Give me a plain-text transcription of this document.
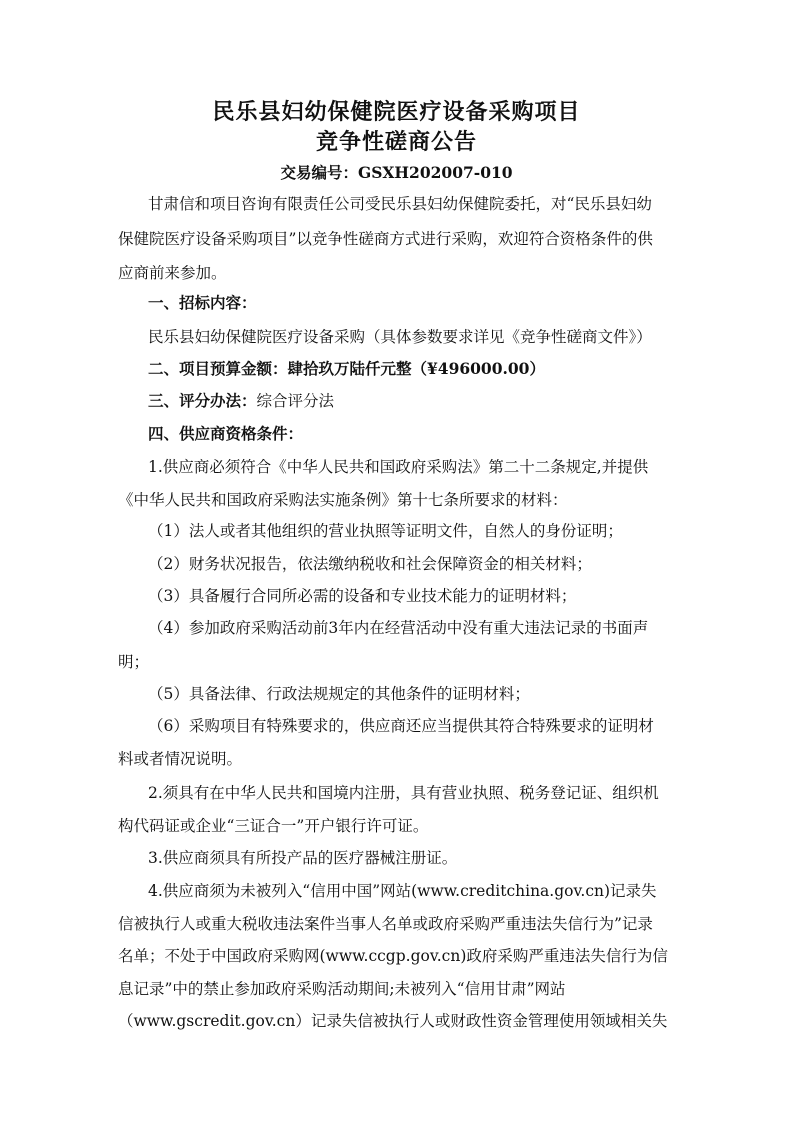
民乐县妇幼保健院医疗设备采购项目
竞争性磋商公告
交易编号：GSXH202007-010
甘肃信和项目咨询有限责任公司受民乐县妇幼保健院委托，对“民乐县妇幼
保健院医疗设备采购项目”以竞争性磋商方式进行采购，欢迎符合资格条件的供
应商前来参加。
一、招标内容：
民乐县妇幼保健院医疗设备采购（具体参数要求详见《竞争性磋商文件》）
二、项目预算金额：肆拾玖万陆仟元整（¥496000.00）
三、评分办法：综合评分法
四、供应商资格条件：
1.供应商必须符合《中华人民共和国政府采购法》第二十二条规定,并提供
《中华人民共和国政府采购法实施条例》第十七条所要求的材料：
（1）法人或者其他组织的营业执照等证明文件，自然人的身份证明；
（2）财务状况报告，依法缴纳税收和社会保障资金的相关材料；
（3）具备履行合同所必需的设备和专业技术能力的证明材料；
（4）参加政府采购活动前3年内在经营活动中没有重大违法记录的书面声
明；
（5）具备法律、行政法规规定的其他条件的证明材料；
（6）采购项目有特殊要求的，供应商还应当提供其符合特殊要求的证明材
料或者情况说明。
2.须具有在中华人民共和国境内注册，具有营业执照、税务登记证、组织机
构代码证或企业“三证合一”开户银行许可证。
3.供应商须具有所投产品的医疗器械注册证。
4.供应商须为未被列入“信用中国”网站(www.creditchina.gov.cn)记录失
信被执行人或重大税收违法案件当事人名单或政府采购严重违法失信行为”记录
名单；不处于中国政府采购网(www.ccgp.gov.cn)政府采购严重违法失信行为信
息记录”中的禁止参加政府采购活动期间;未被列入“信用甘肃”网站
（www.gscredit.gov.cn）记录失信被执行人或财政性资金管理使用领域相关失
